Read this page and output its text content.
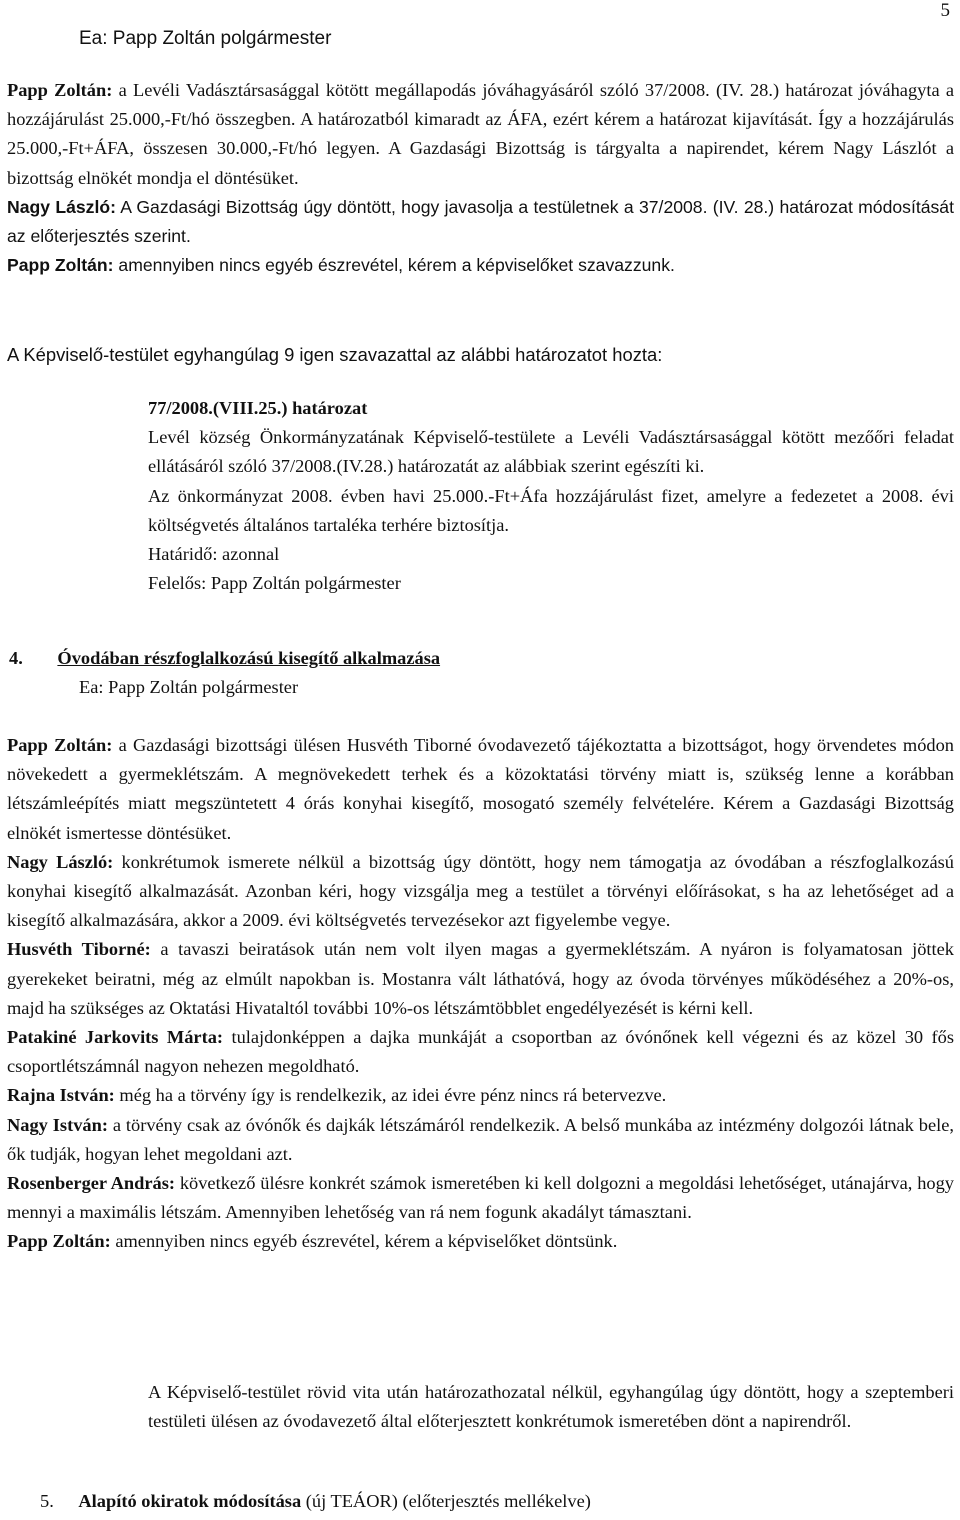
5
Ea: Papp Zoltán polgármester

Papp Zoltán: a Levéli Vadásztársasággal kötött megállapodás jóváhagyásáról szóló 37/2008. (IV. 28.) határozat jóváhagyta a hozzájárulást 25.000,-Ft/hó összegben. A határozatból kimaradt az ÁFA, ezért kérem a határozat kijavítását. Így a hozzájárulás 25.000,-Ft+ÁFA, összesen 30.000,-Ft/hó legyen. A Gazdasági Bizottság is tárgyalta a napirendet, kérem Nagy Lászlót a bizottság elnökét mondja el döntésüket.

Nagy László: A Gazdasági Bizottság úgy döntött, hogy javasolja a testületnek a 37/2008. (IV. 28.) határozat módosítását az előterjesztés szerint.

Papp Zoltán: amennyiben nincs egyéb észrevétel, kérem a képviselőket szavazzunk.

A Képviselő-testület egyhangúlag 9 igen szavazattal az alábbi határozatot hozta:

77/2008.(VIII.25.) határozat

Levél község Önkormányzatának Képviselő-testülete a Levéli Vadásztársasággal kötött mezőőri feladat ellátásáról szóló 37/2008.(IV.28.) határozatát az alábbiak szerint egészíti ki.

Az önkormányzat 2008. évben havi 25.000.-Ft+Áfa hozzájárulást fizet, amelyre a fedezetet a 2008. évi költségvetés általános tartaléka terhére biztosítja.

Határidő: azonnal

Felelős: Papp Zoltán polgármester

4. Óvodában részfoglalkozású kisegítő alkalmazása
Ea: Papp Zoltán polgármester

Papp Zoltán: a Gazdasági bizottsági ülésen Husvéth Tiborné óvodavezető tájékoztatta a bizottságot, hogy örvendetes módon növekedett a gyermeklétszám. A megnövekedett terhek és a közoktatási törvény miatt is, szükség lenne a korábban létszámleépítés miatt megszüntetett 4 órás konyhai kisegítő, mosogató személy felvételére. Kérem a Gazdasági Bizottság elnökét ismertesse döntésüket.

Nagy László: konkrétumok ismerete nélkül a bizottság úgy döntött, hogy nem támogatja az óvodában a részfoglalkozású konyhai kisegítő alkalmazását. Azonban kéri, hogy vizsgálja meg a testület a törvényi előírásokat, s ha az lehetőséget ad a kisegítő alkalmazására, akkor a 2009. évi költségvetés tervezésekor azt figyelembe vegye.

Husvéth Tiborné: a tavaszi beiratások után nem volt ilyen magas a gyermeklétszám. A nyáron is folyamatosan jöttek gyerekeket beiratni, még az elmúlt napokban is. Mostanra vált láthatóvá, hogy az óvoda törvényes működéséhez a 20%-os, majd ha szükséges az Oktatási Hivataltól további 10%-os létszámtöbblet engedélyezését is kérni kell.

Patakiné Jarkovits Márta: tulajdonképpen a dajka munkáját a csoportban az óvónőnek kell végezni és az közel 30 fős csoportlétszámnál nagyon nehezen megoldható.

Rajna István: még ha a törvény így is rendelkezik, az idei évre pénz nincs rá betervezve.

Nagy István: a törvény csak az óvónők és dajkák létszámáról rendelkezik. A belső munkába az intézmény dolgozói látnak bele, ők tudják, hogyan lehet megoldani azt.

Rosenberger András: következő ülésre konkrét számok ismeretében ki kell dolgozni a megoldási lehetőséget, utánajárva, hogy mennyi a maximális létszám. Amennyiben lehetőség van rá nem fogunk akadályt támasztani.

Papp Zoltán: amennyiben nincs egyéb észrevétel, kérem a képviselőket döntsünk.

A Képviselő-testület rövid vita után határozathozatal nélkül, egyhangúlag úgy döntött, hogy a szeptemberi testületi ülésen az óvodavezető által előterjesztett konkrétumok ismeretében dönt a napirendről.
5. Alapító okiratok módosítása (új TEÁOR) (előterjesztés mellékelve)
